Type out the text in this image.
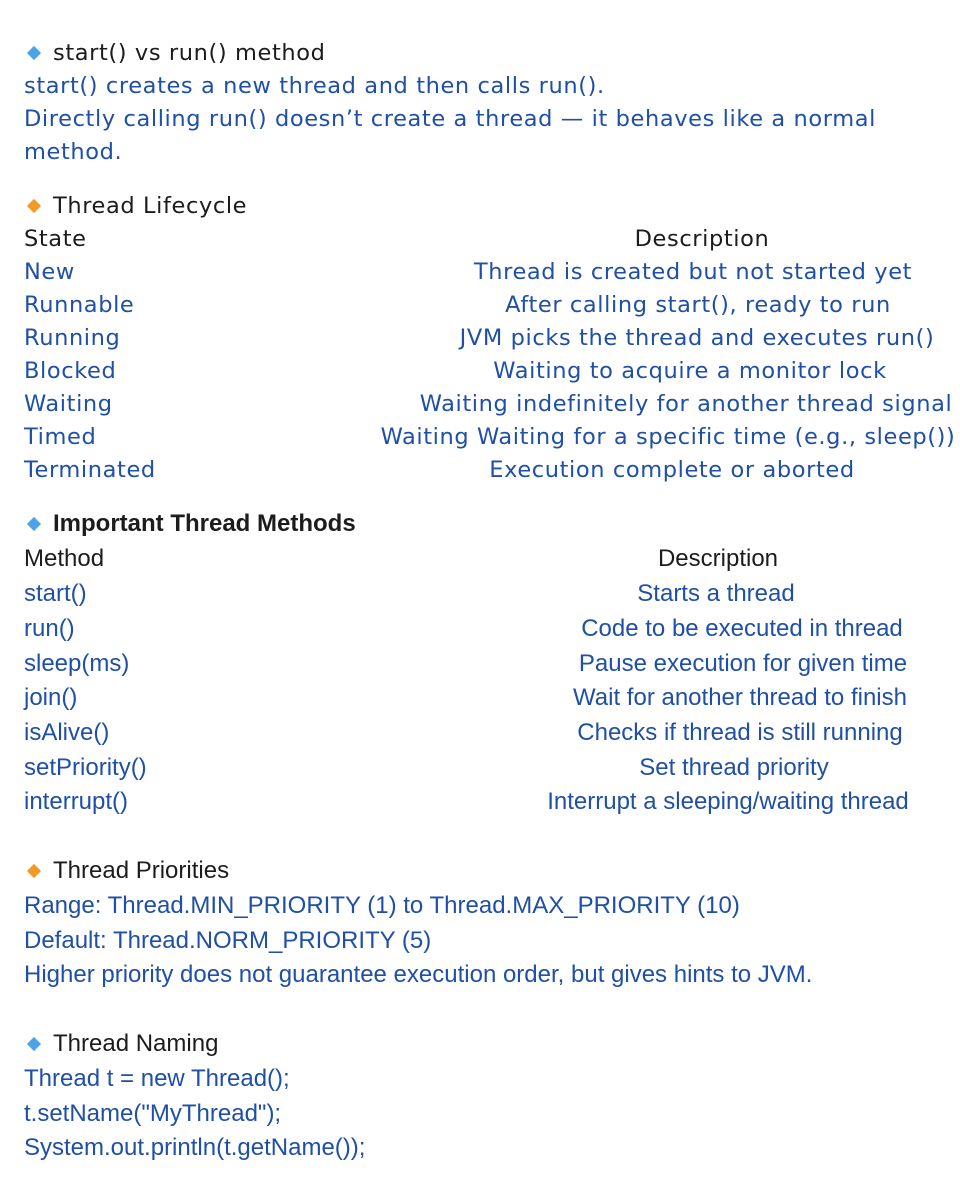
start() vs run() method
start() creates a new thread and then calls run().
Directly calling run() doesn’t create a thread — it behaves like a normal
method.
Thread Lifecycle
State	Description
New	Thread is created but not started yet
Runnable	After calling start(), ready to run
Running	JVM picks the thread and executes run()
Blocked	Waiting to acquire a monitor lock
Waiting	Waiting indefinitely for another thread signal
Timed	Waiting Waiting for a specific time (e.g., sleep())
Terminated	Execution complete or aborted
Important Thread Methods
Method	Description
start()	Starts a thread
run()	Code to be executed in thread
sleep(ms)	Pause execution for given time
join()	Wait for another thread to finish
isAlive()	Checks if thread is still running
setPriority()	Set thread priority
interrupt()	Interrupt a sleeping/waiting thread
Thread Priorities
Range: Thread.MIN_PRIORITY (1) to Thread.MAX_PRIORITY (10)
Default: Thread.NORM_PRIORITY (5)
Higher priority does not guarantee execution order, but gives hints to JVM.
Thread Naming
Thread t = new Thread();
t.setName("MyThread");
System.out.println(t.getName());
